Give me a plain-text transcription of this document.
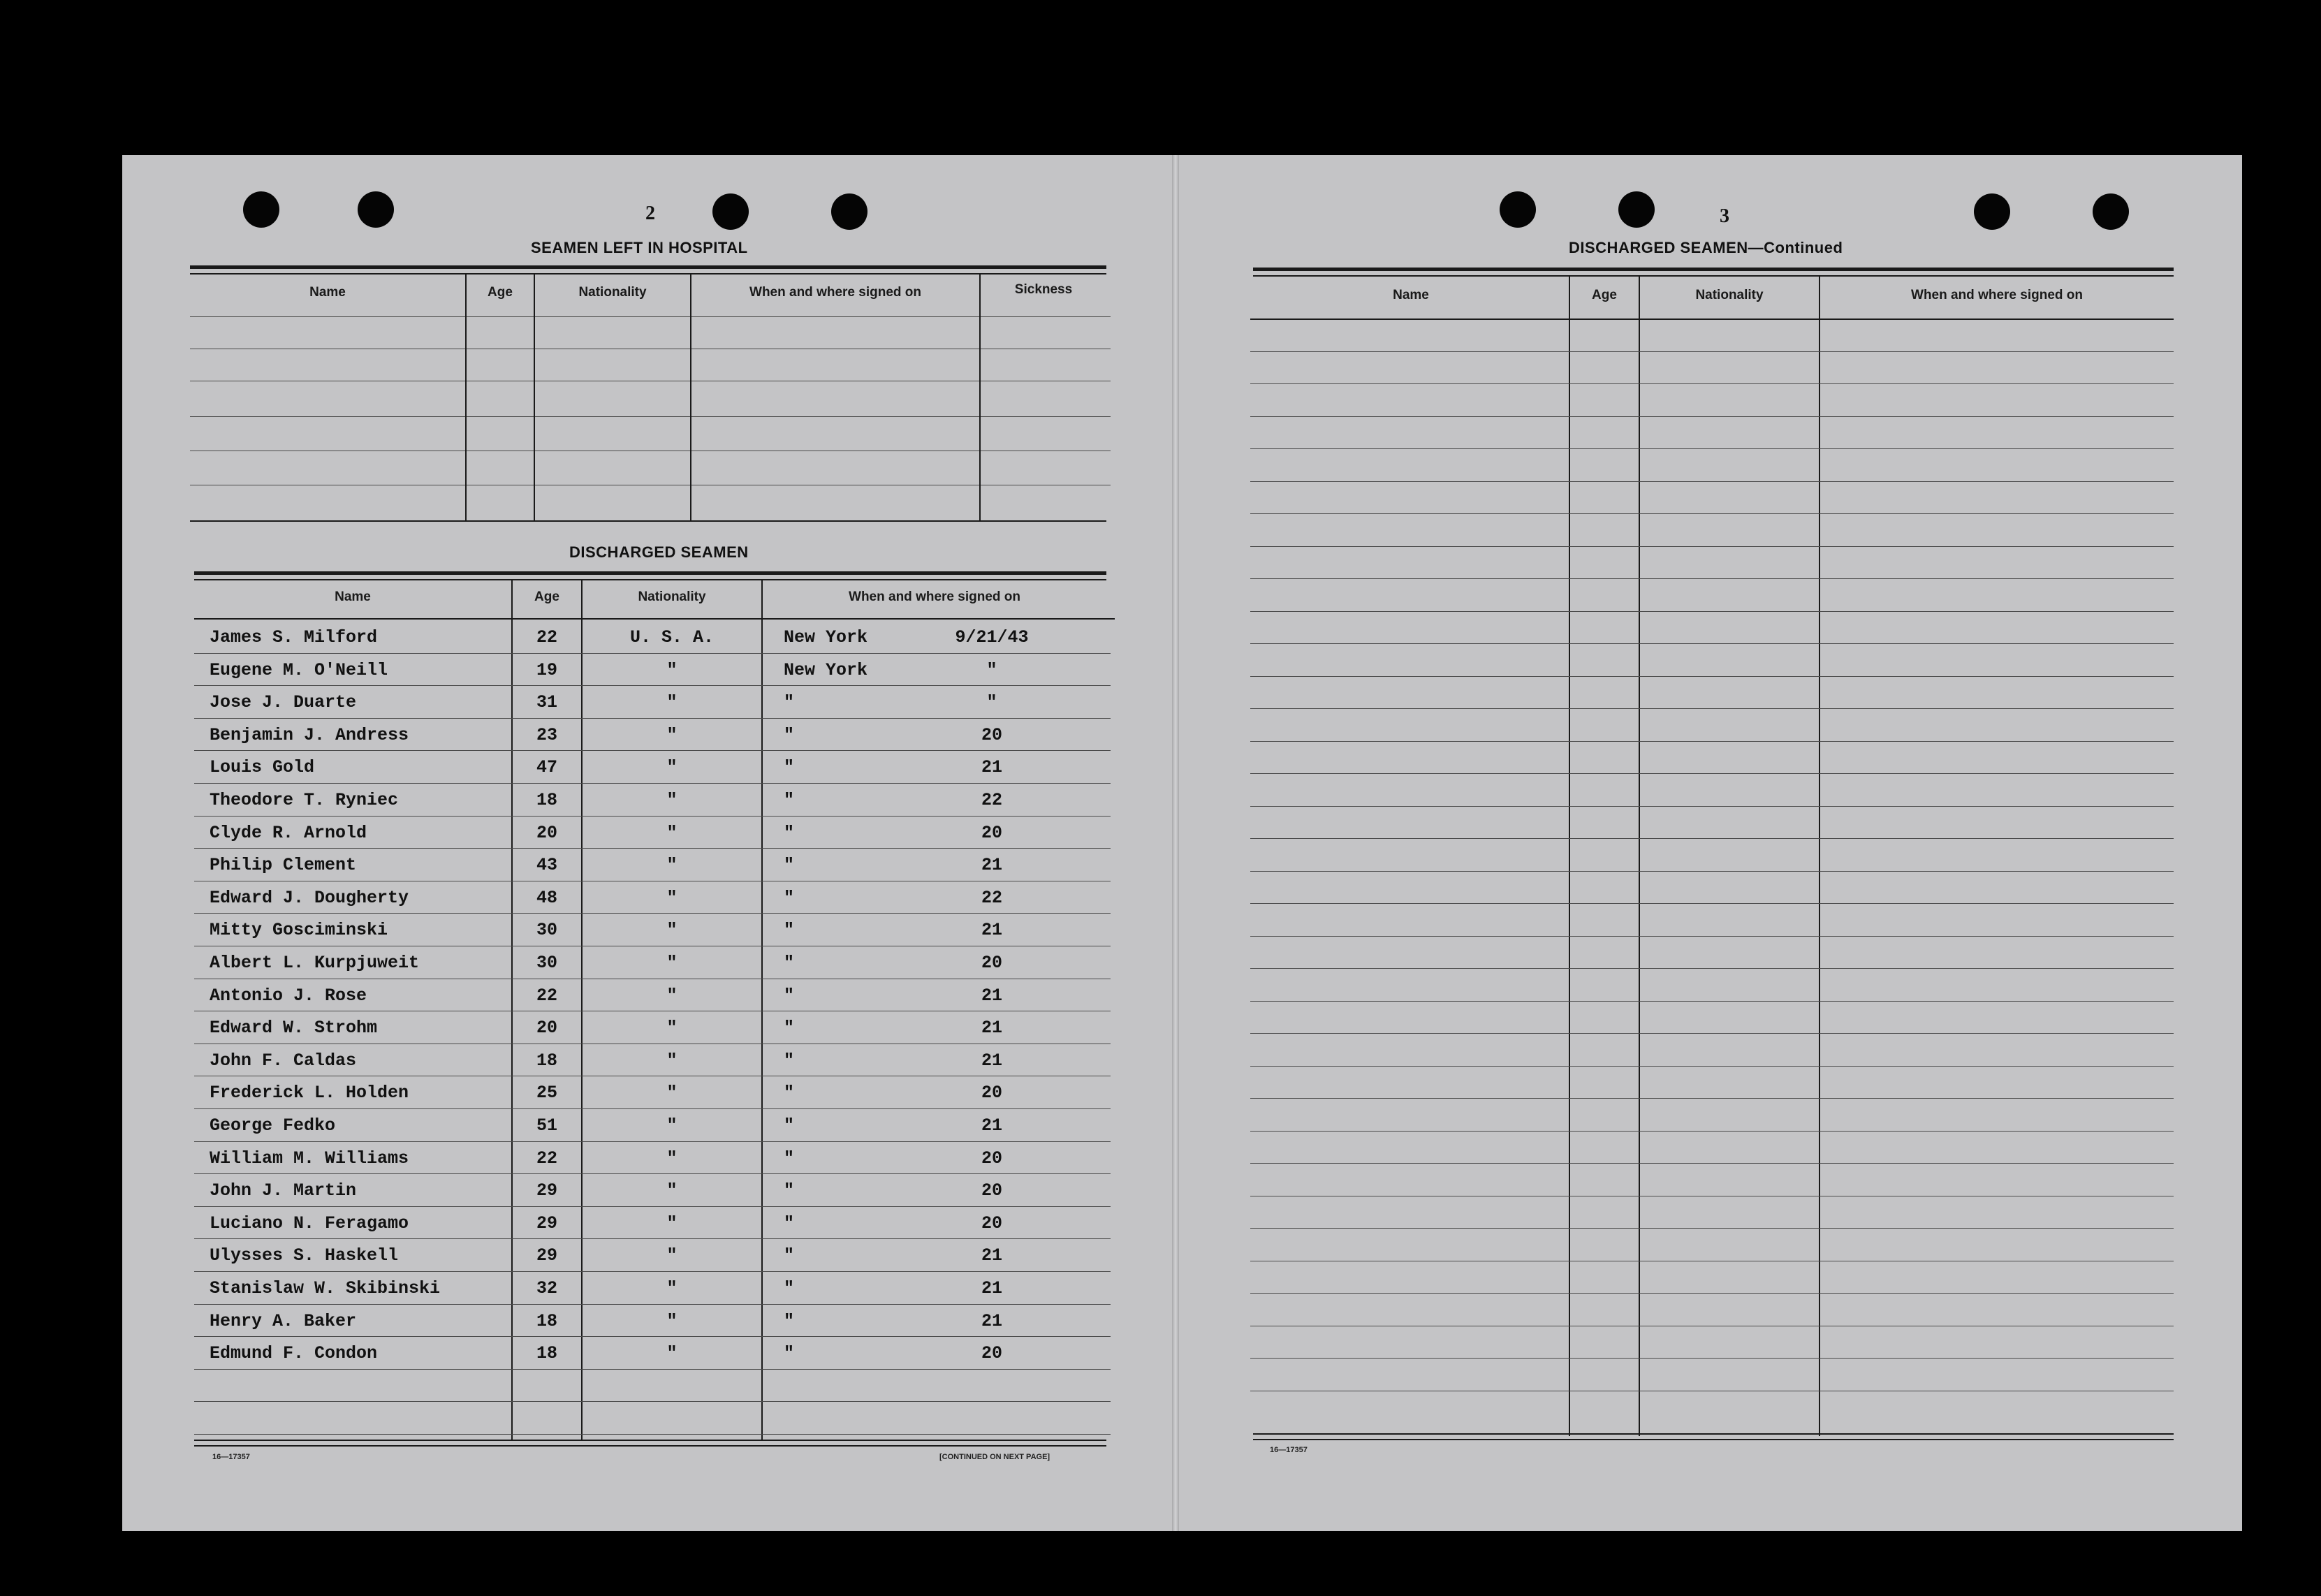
2
SEAMEN LEFT IN HOSPITAL
Name	Age	Nationality	When and where signed on	Sickness
DISCHARGED SEAMEN
Name	Age	Nationality	When and where signed on
James S. Milford	22	U. S. A.	New York	9/21/43
Eugene M. O'Neill	19	"	New York	"
Jose J. Duarte	31	"	"	"
Benjamin J. Andress	23	"	"	20
Louis Gold	47	"	"	21
Theodore T. Ryniec	18	"	"	22
Clyde R. Arnold	20	"	"	20
Philip Clement	43	"	"	21
Edward J. Dougherty	48	"	"	22
Mitty Gosciminski	30	"	"	21
Albert L. Kurpjuweit	30	"	"	20
Antonio J. Rose	22	"	"	21
Edward W. Strohm	20	"	"	21
John F. Caldas	18	"	"	21
Frederick L. Holden	25	"	"	20
George Fedko	51	"	"	21
William M. Williams	22	"	"	20
John J. Martin	29	"	"	20
Luciano N. Feragamo	29	"	"	20
Ulysses S. Haskell	29	"	"	21
Stanislaw W. Skibinski	32	"	"	21
Henry A. Baker	18	"	"	21
Edmund F. Condon	18	"	"	20
16—17357	[CONTINUED ON NEXT PAGE]
3
DISCHARGED SEAMEN—Continued
Name	Age	Nationality	When and where signed on
16—17357
